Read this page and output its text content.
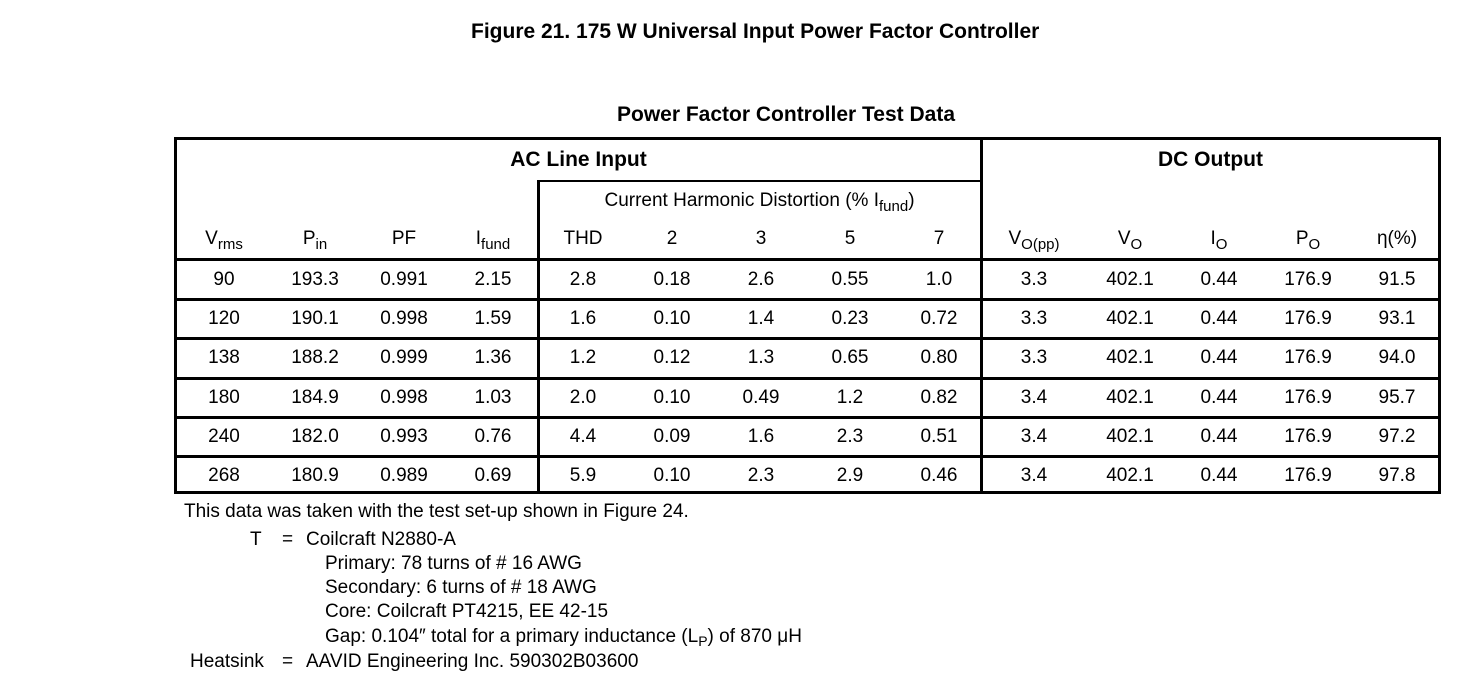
Figure 21. 175 W Universal Input Power Factor Controller
Power Factor Controller Test Data
AC Line Input	DC Output
Current Harmonic Distortion (% $I_{fund}$)
$V_{rms}$	$P_{in}$	PF	$I_{fund}$	THD	2	3	5	7	$V_{O(pp)}$	$V_O$	$I_O$	$P_O$	η(%)
90	193.3	0.991	2.15	2.8	0.18	2.6	0.55	1.0	3.3	402.1	0.44	176.9	91.5
120	190.1	0.998	1.59	1.6	0.10	1.4	0.23	0.72	3.3	402.1	0.44	176.9	93.1
138	188.2	0.999	1.36	1.2	0.12	1.3	0.65	0.80	3.3	402.1	0.44	176.9	94.0
180	184.9	0.998	1.03	2.0	0.10	0.49	1.2	0.82	3.4	402.1	0.44	176.9	95.7
240	182.0	0.993	0.76	4.4	0.09	1.6	2.3	0.51	3.4	402.1	0.44	176.9	97.2
268	180.9	0.989	0.69	5.9	0.10	2.3	2.9	0.46	3.4	402.1	0.44	176.9	97.8
This data was taken with the test set-up shown in Figure 24.
T = Coilcraft N2880-A
Primary: 78 turns of # 16 AWG
Secondary: 6 turns of # 18 AWG
Core: Coilcraft PT4215, EE 42-15
Gap: 0.104″ total for a primary inductance $(L_P)$ of 870 μH
Heatsink = AAVID Engineering Inc. 590302B03600
